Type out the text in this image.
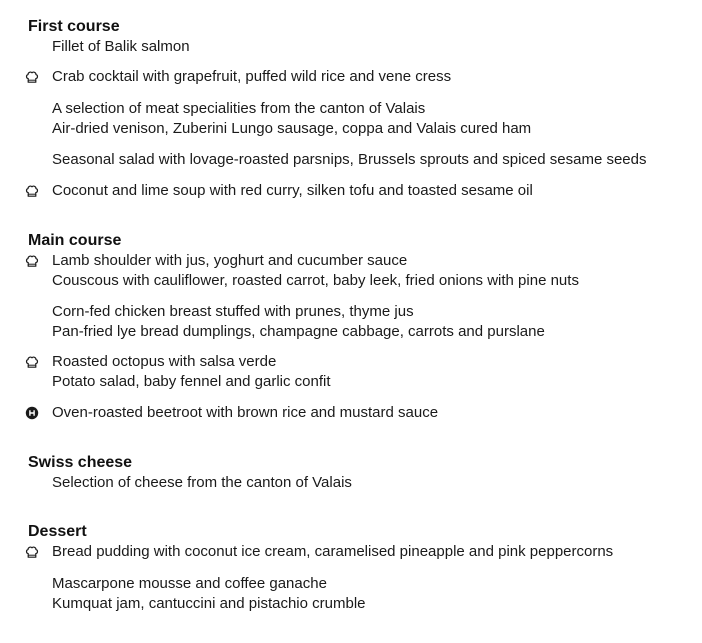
First course
Fillet of Balik salmon
Crab cocktail with grapefruit, puffed wild rice and vene cress
A selection of meat specialities from the canton of Valais
Air-dried venison, Zuberini Lungo sausage, coppa and Valais cured ham
Seasonal salad with lovage-roasted parsnips, Brussels sprouts and spiced sesame seeds
Coconut and lime soup with red curry, silken tofu and toasted sesame oil
Main course
Lamb shoulder with jus, yoghurt and cucumber sauce
Couscous with cauliflower, roasted carrot, baby leek, fried onions with pine nuts
Corn-fed chicken breast stuffed with prunes, thyme jus
Pan-fried lye bread dumplings, champagne cabbage, carrots and purslane
Roasted octopus with salsa verde
Potato salad, baby fennel and garlic confit
Oven-roasted beetroot with brown rice and mustard sauce
Swiss cheese
Selection of cheese from the canton of Valais
Dessert
Bread pudding with coconut ice cream, caramelised pineapple and pink peppercorns
Mascarpone mousse and coffee ganache
Kumquat jam, cantuccini and pistachio crumble
